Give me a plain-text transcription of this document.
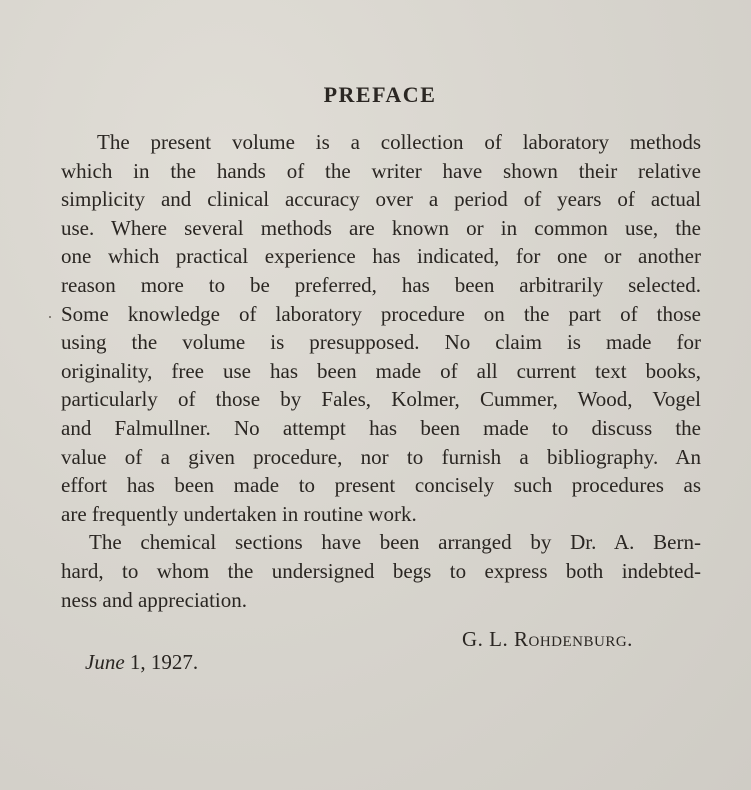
PREFACE
The present volume is a collection of laboratory methods
which in the hands of the writer have shown their relative
simplicity and clinical accuracy over a period of years of actual
use. Where several methods are known or in common use, the
one which practical experience has indicated, for one or another
reason more to be preferred, has been arbitrarily selected.
Some knowledge of laboratory procedure on the part of those
using the volume is presupposed. No claim is made for
originality, free use has been made of all current text books,
particularly of those by Fales, Kolmer, Cummer, Wood, Vogel
and Falmullner. No attempt has been made to discuss the
value of a given procedure, nor to furnish a bibliography. An
effort has been made to present concisely such procedures as
are frequently undertaken in routine work.
The chemical sections have been arranged by Dr. A. Bern-
hard, to whom the undersigned begs to express both indebted-
ness and appreciation.
G. L. Rohdenburg.
June 1, 1927.
